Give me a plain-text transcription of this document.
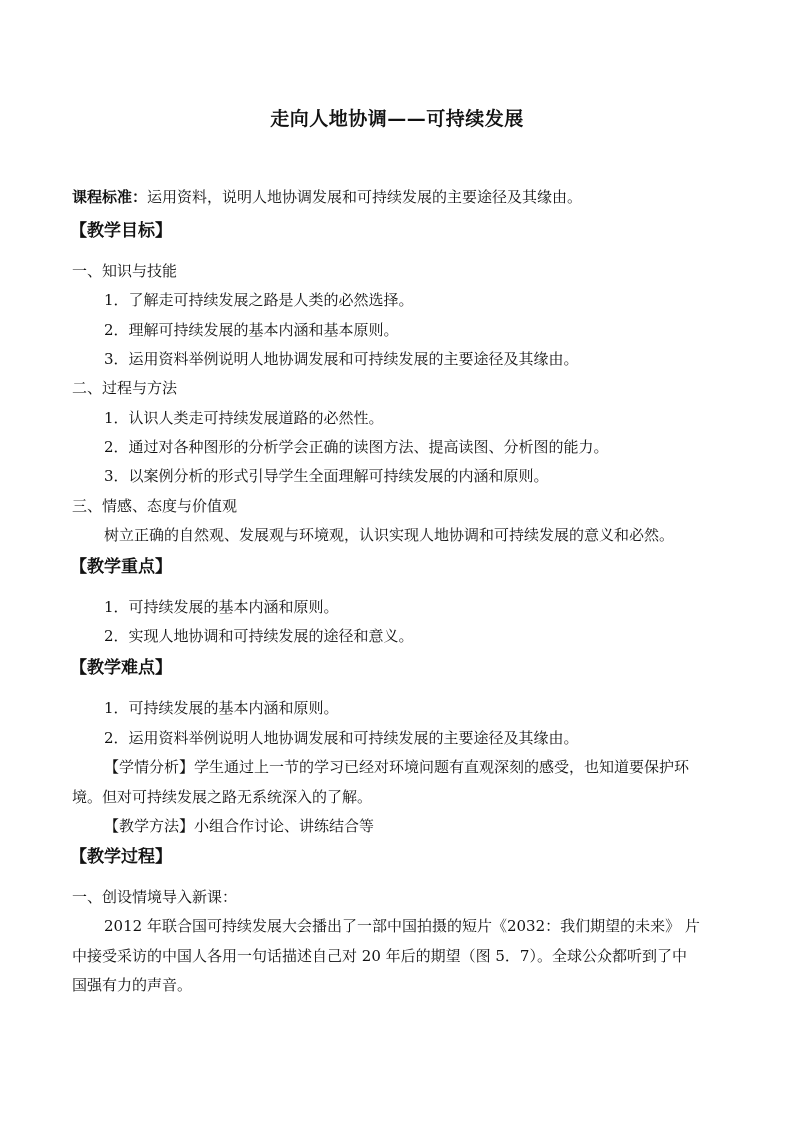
走向人地协调——可持续发展
课程标准：运用资料，说明人地协调发展和可持续发展的主要途径及其缘由。
【教学目标】
一、知识与技能
1．了解走可持续发展之路是人类的必然选择。
2．理解可持续发展的基本内涵和基本原则。
3．运用资料举例说明人地协调发展和可持续发展的主要途径及其缘由。
二、过程与方法
1．认识人类走可持续发展道路的必然性。
2．通过对各种图形的分析学会正确的读图方法、提高读图、分析图的能力。
3．以案例分析的形式引导学生全面理解可持续发展的内涵和原则。
三、情感、态度与价值观
树立正确的自然观、发展观与环境观，认识实现人地协调和可持续发展的意义和必然。
【教学重点】
1．可持续发展的基本内涵和原则。
2．实现人地协调和可持续发展的途径和意义。
【教学难点】
1．可持续发展的基本内涵和原则。
2．运用资料举例说明人地协调发展和可持续发展的主要途径及其缘由。
【学情分析】学生通过上一节的学习已经对环境问题有直观深刻的感受，也知道要保护环
境。但对可持续发展之路无系统深入的了解。
【教学方法】小组合作讨论、讲练结合等
【教学过程】
一、创设情境导入新课：
2012 年联合国可持续发展大会播出了一部中国拍摄的短片《2032：我们期望的未来》 片
中接受采访的中国人各用一句话描述自己对 20 年后的期望（图 5．7）。全球公众都听到了中
国强有力的声音。
